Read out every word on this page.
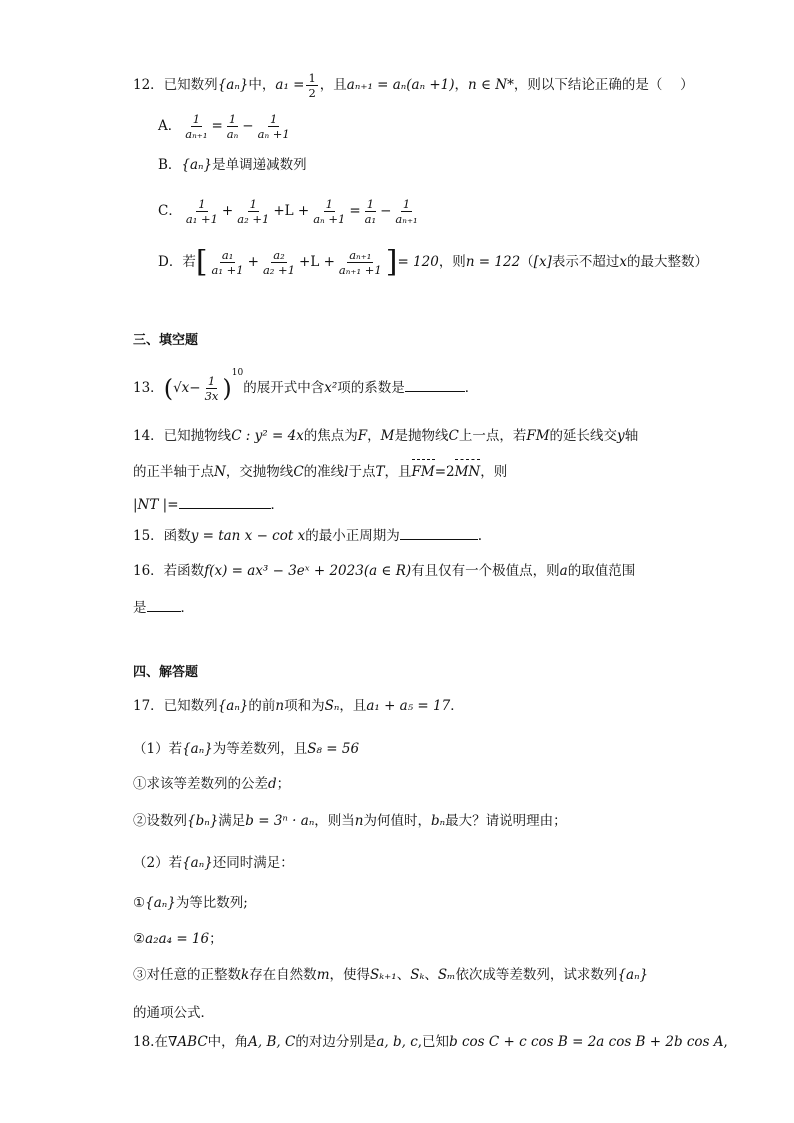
12．已知数列{aₙ}中，$a_1 = \frac{1}{2}$ ，且aₙ₊₁ = aₙ(aₙ +1)，n ∈ N*，则以下结论正确的是（　 ）
A． $\frac{1}{\text{aₙ₊₁}} = \frac{1}{\text{aₙ}} - \frac{1}{\text{aₙ +1}}$
B．{aₙ}是单调递减数列
C． $\frac{1}{\text{a₁ +1}} + \frac{1}{\text{a₂ +1}} +L + \frac{1}{\text{aₙ +1}} = \frac{1}{\text{a₁}} - \frac{1}{\text{aₙ₊₁}}$
D．若[ $\frac{\text{a₁}}{\text{a₁ +1}} + \frac{\text{a₂}}{\text{a₂ +1}} +L + \frac{\text{aₙ₊₁}}{\text{aₙ₊₁ +1}}$ ]= 120，则n = 122（[x]表示不超过x的最大整数）
三、填空题
13．$(√x- \frac{1}{3x} )^{10}$的展开式中含x²项的系数是	．
14．已知抛物线C : y² = 4x的焦点为F，M是抛物线C上一点，若FM的延长线交y轴
的正半轴于点N，交抛物线C的准线l于点T，且FM=2MN，则
|NT |=	．
15．函数y = tan x − cot x的最小正周期为	.
16．若函数f(x) = ax³ − 3eˣ + 2023(a ∈ R)有且仅有一个极值点，则a的取值范围
是	．
四、解答题
17．已知数列{aₙ}的前n项和为Sₙ，且a₁ + a₅ = 17．
（1）若{aₙ}为等差数列，且S₈ = 56
①求该等差数列的公差d；
②设数列{bₙ}满足b = 3ⁿ · aₙ，则当n为何值时，bₙ最大？请说明理由；
（2）若{aₙ}还同时满足：
①{aₙ}为等比数列;
②a₂a₄ = 16；
③对任意的正整数k存在自然数m，使得Sₖ₊₁、Sₖ、Sₘ依次成等差数列，试求数列{aₙ}
的通项公式．
18.在∇ABC中，角A, B, C的对边分别是a, b, c,已知b cos C + c cos B = 2a cos B + 2b cos A,
